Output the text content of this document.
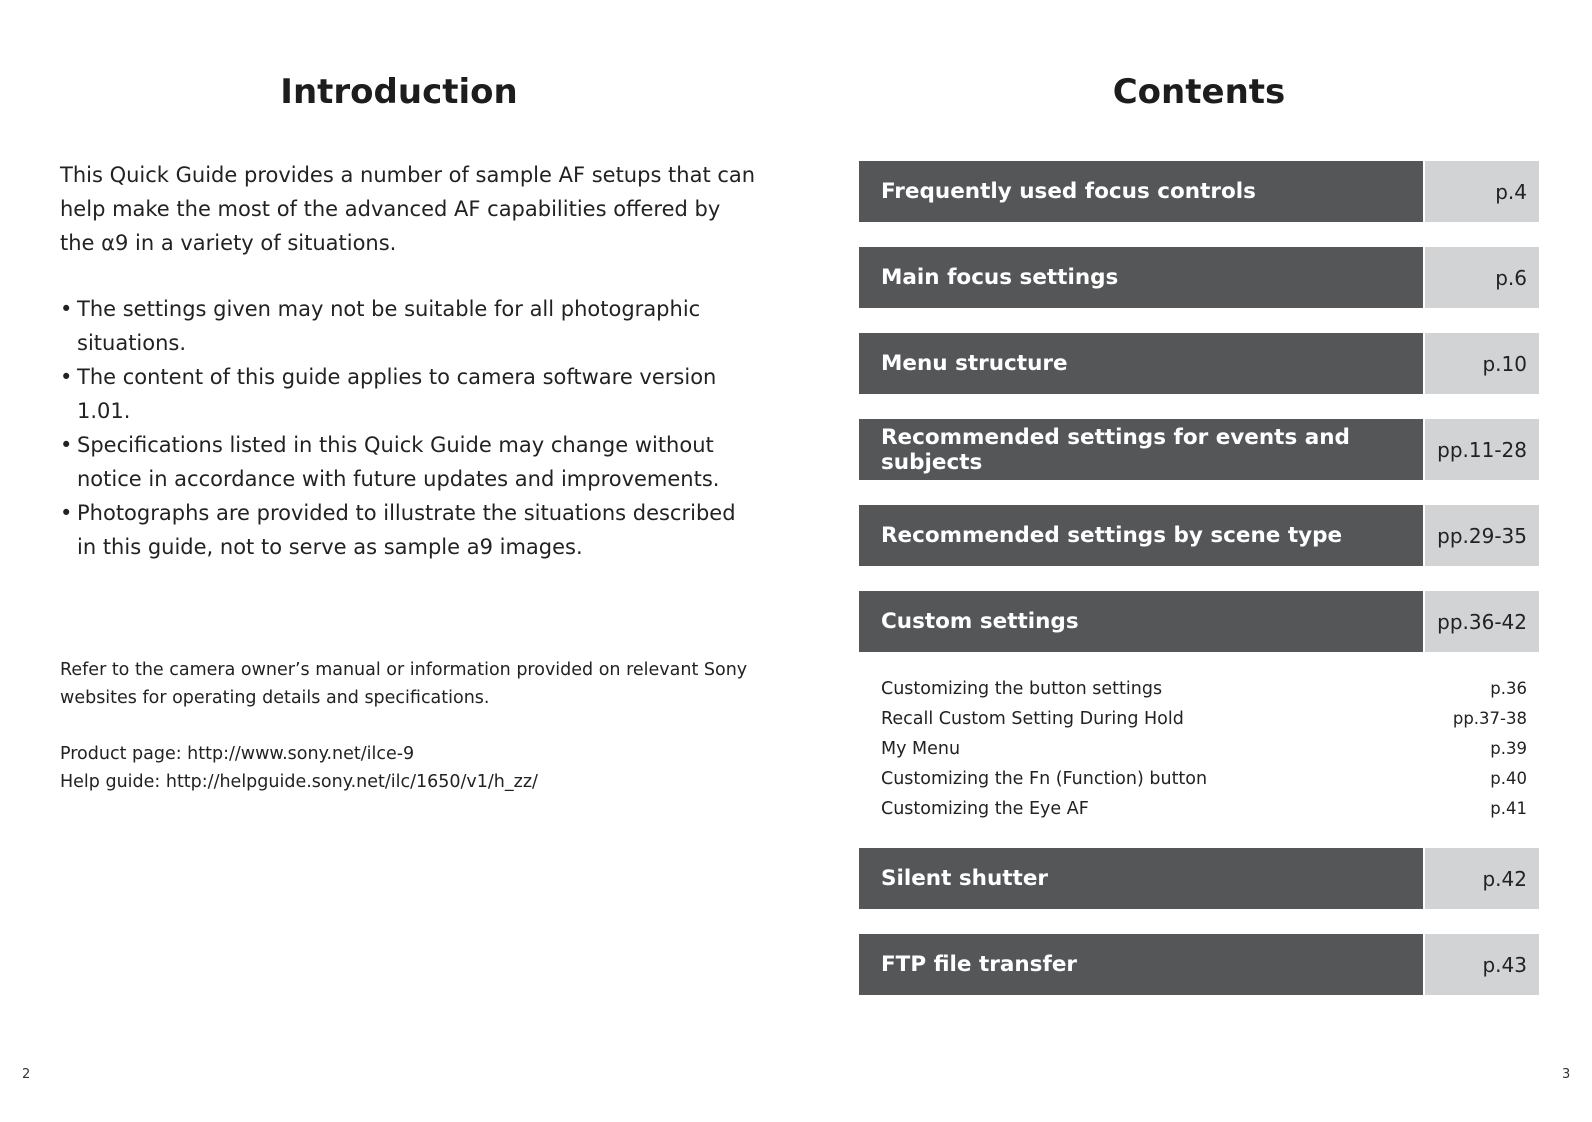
Introduction

This Quick Guide provides a number of sample AF setups that can help make the most of the advanced AF capabilities offered by the α9 in a variety of situations.

• The settings given may not be suitable for all photographic situations.
• The content of this guide applies to camera software version 1.01.
• Specifications listed in this Quick Guide may change without notice in accordance with future updates and improvements.
• Photographs are provided to illustrate the situations described in this guide, not to serve as sample a9 images.

Refer to the camera owner’s manual or information provided on relevant Sony websites for operating details and specifications.

Product page: http://www.sony.net/ilce-9
Help guide: http://helpguide.sony.net/ilc/1650/v1/h_zz/
Contents
Frequently used focus controls	p.4
Main focus settings	p.6
Menu structure	p.10
Recommended settings for events and subjects	pp.11-28
Recommended settings by scene type	pp.29-35
Custom settings	pp.36-42
Customizing the button settings	p.36
Recall Custom Setting During Hold	pp.37-38
My Menu	p.39
Customizing the Fn (Function) button	p.40
Customizing the Eye AF	p.41
Silent shutter	p.42
FTP file transfer	p.43
2	3
